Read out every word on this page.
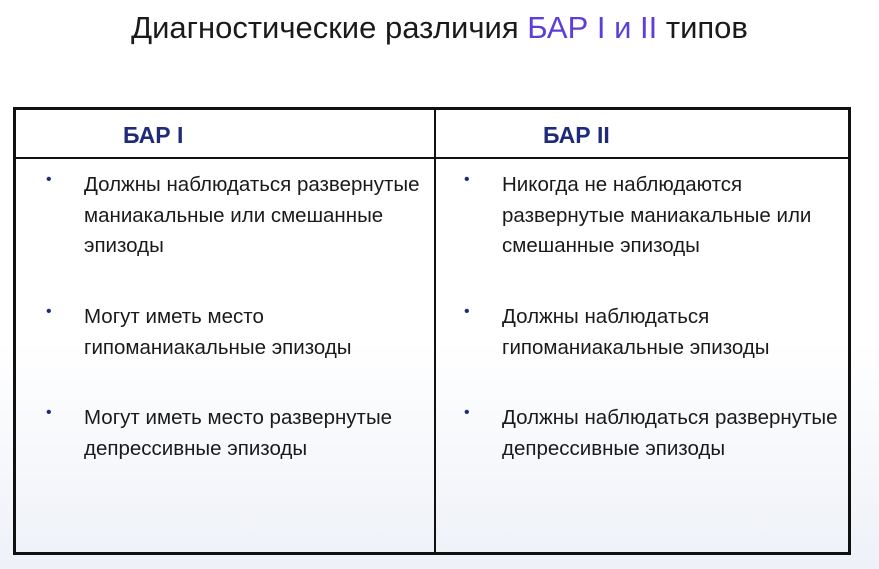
Диагностические различия БАР I и II типов
БАР I	БАР II
• Должны наблюдаться развернутые маниакальные или смешанные эпизоды
• Могут иметь место гипоманиакальные эпизоды
• Могут иметь место развернутые депрессивные эпизоды
• Никогда не наблюдаются развернутые маниакальные или смешанные эпизоды
• Должны наблюдаться гипоманиакальные эпизоды
• Должны наблюдаться развернутые депрессивные эпизоды
